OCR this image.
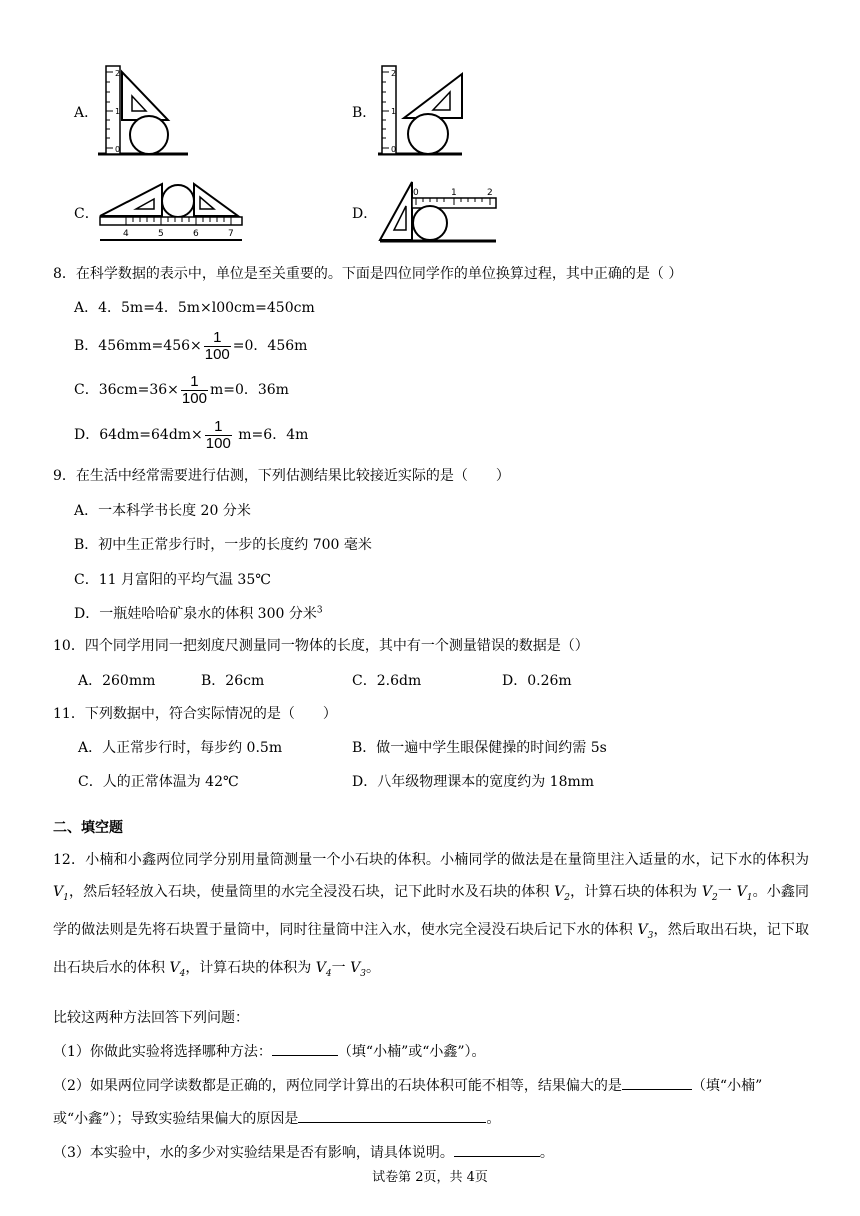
A．
2
1
0
B．
2
1
0
C．
4	5	6	7
D．
0	1	2
8．在科学数据的表示中，单位是至关重要的。下面是四位同学作的单位换算过程，其中正确的是（ ）
A．4．5m=4．5m×l00cm=450cm
B．$456mm=456\times \frac{1}{100} =0$．456m
C．$36cm=36\times \frac{1}{100} m=0$．36m
D．$64dm=64dm\times \frac{1}{100} m=6$．4m
9．在生活中经常需要进行估测，下列估测结果比较接近实际的是（　　）
A．一本科学书长度 20 分米
B．初中生正常步行时，一步的长度约 700 毫米
C．11 月富阳的平均气温 35℃
D．一瓶娃哈哈矿泉水的体积 300 分米$^3$
10．四个同学用同一把刻度尺测量同一物体的长度，其中有一个测量错误的数据是（）
A．260mm	B．26cm	C．2.6dm	D．0.26m
11．下列数据中，符合实际情况的是（　　）
A．人正常步行时，每步约 0.5m	B．做一遍中学生眼保健操的时间约需 5s
C．人的正常体温为 42℃	D．八年级物理课本的宽度约为 18mm
二、填空题
12．小楠和小鑫两位同学分别用量筒测量一个小石块的体积。小楠同学的做法是在量筒里注入适量的水，记下水的体积为 $V_1$，然后轻轻放入石块，使量筒里的水完全浸没石块，记下此时水及石块的体积 $V_2$，计算石块的体积为 $V_2$一 $V_1$。小鑫同学的做法则是先将石块置于量筒中，同时往量筒中注入水，使水完全浸没石块后记下水的体积 $V_3$，然后取出石块，记下取出石块后水的体积 $V_4$，计算石块的体积为 $V_4$一 $V_3$。
比较这两种方法回答下列问题：
（1）你做此实验将选择哪种方法：	（填“小楠”或“小鑫”）。
（2）如果两位同学读数都是正确的，两位同学计算出的石块体积可能不相等，结果偏大的是	（填“小楠”
或“小鑫”）；导致实验结果偏大的原因是	。
（3）本实验中，水的多少对实验结果是否有影响，请具体说明。	。
试卷第 2页，共 4页
